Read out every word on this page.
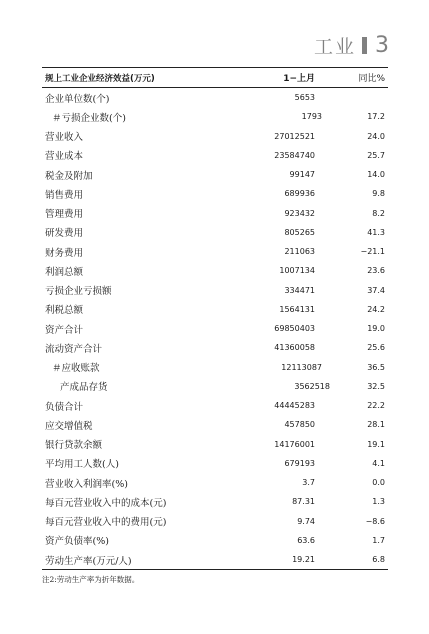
工业 3
规上工业企业经济效益(万元)	1−上月	同比%
企业单位数(个)	5653
＃亏损企业数(个)	1793	17.2
营业收入	27012521	24.0
营业成本	23584740	25.7
税金及附加	99147	14.0
销售费用	689936	9.8
管理费用	923432	8.2
研发费用	805265	41.3
财务费用	211063	−21.1
利润总额	1007134	23.6
亏损企业亏损额	334471	37.4
利税总额	1564131	24.2
资产合计	69850403	19.0
流动资产合计	41360058	25.6
＃应收账款	12113087	36.5
产成品存货	3562518	32.5
负债合计	44445283	22.2
应交增值税	457850	28.1
银行贷款余额	14176001	19.1
平均用工人数(人)	679193	4.1
营业收入利润率(%)	3.7	0.0
每百元营业收入中的成本(元)	87.31	1.3
每百元营业收入中的费用(元)	9.74	−8.6
资产负债率(%)	63.6	1.7
劳动生产率(万元/人)	19.21	6.8
注2:劳动生产率为折年数据。
